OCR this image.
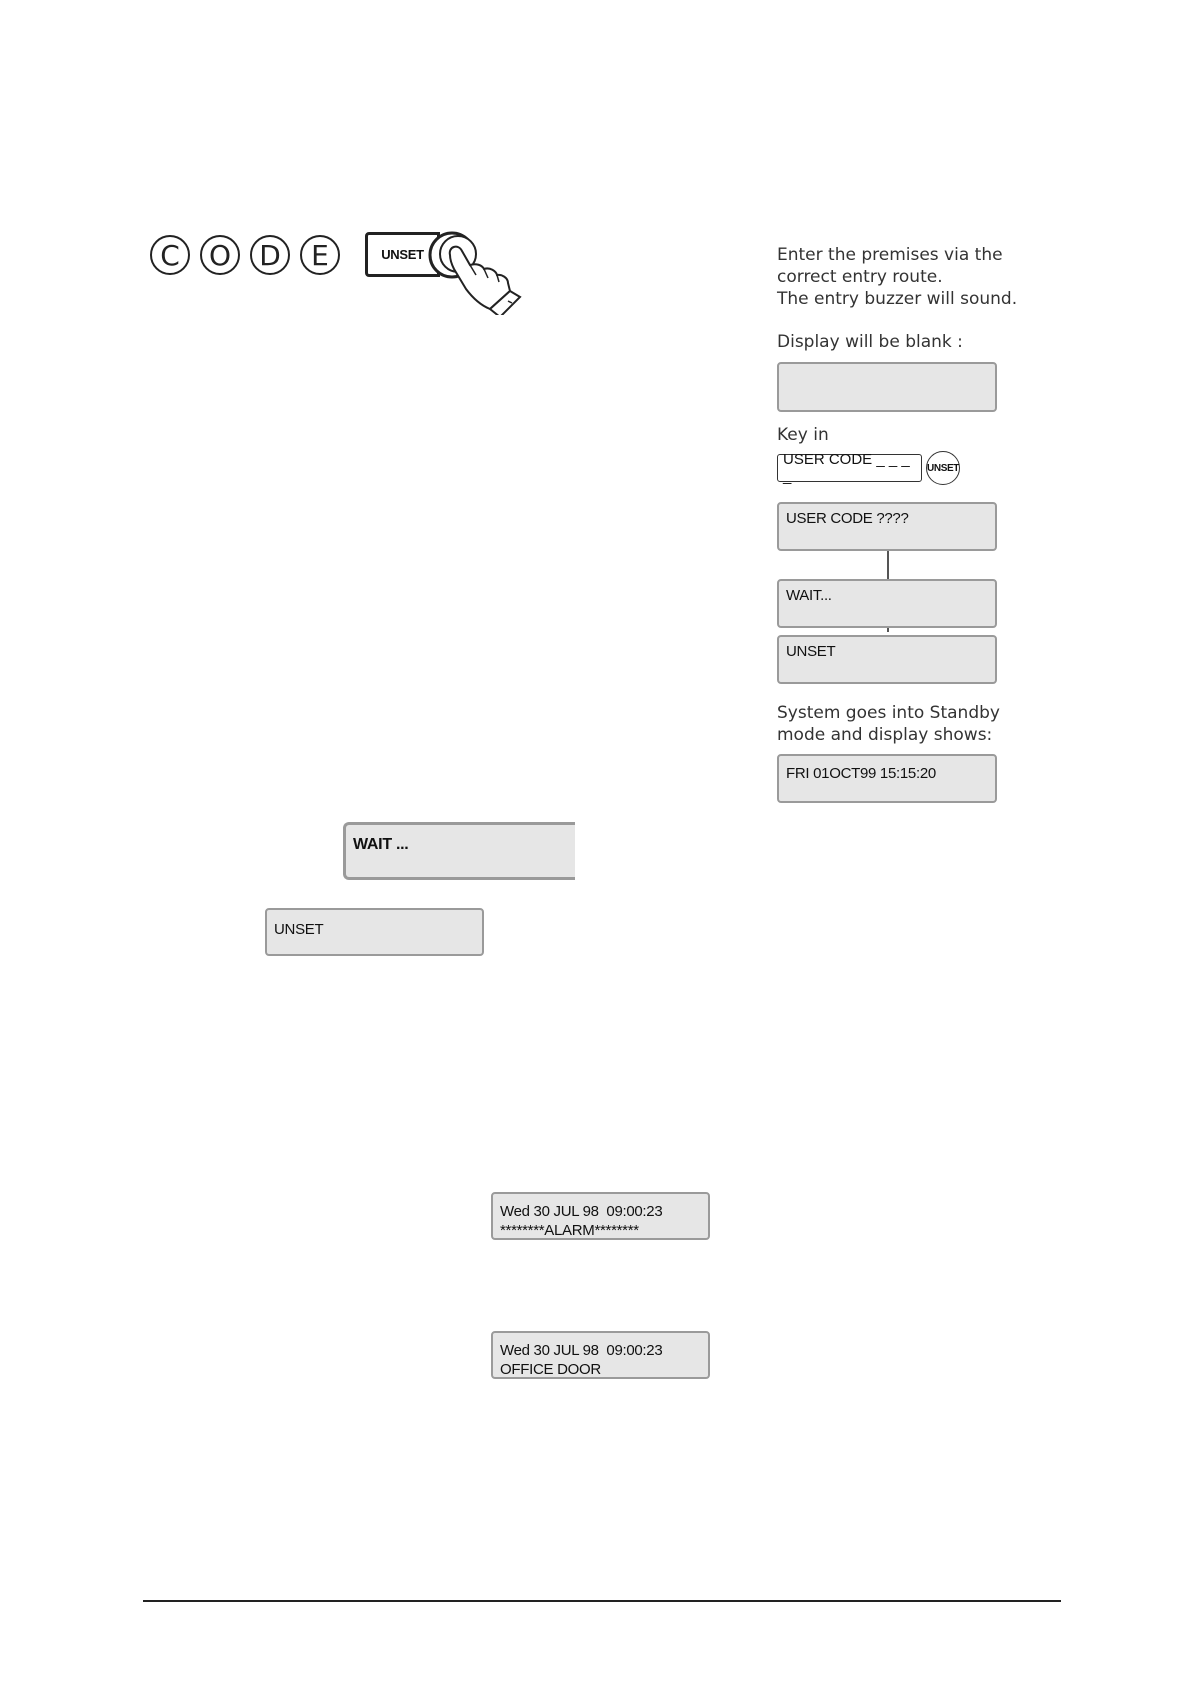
C	O	D	E	UNSET
WAIT ...
UNSET
Wed 30 JUL 98  09:00:23
********ALARM********
Wed 30 JUL 98  09:00:23
OFFICE DOOR
Enter the premises via the
correct entry route.
The entry buzzer will sound.
Display will be blank :
Key in
USER CODE _ _ _ _	UNSET
USER CODE ????
WAIT...
UNSET
System goes into Standby
mode and display shows:
FRI 01OCT99 15:15:20
